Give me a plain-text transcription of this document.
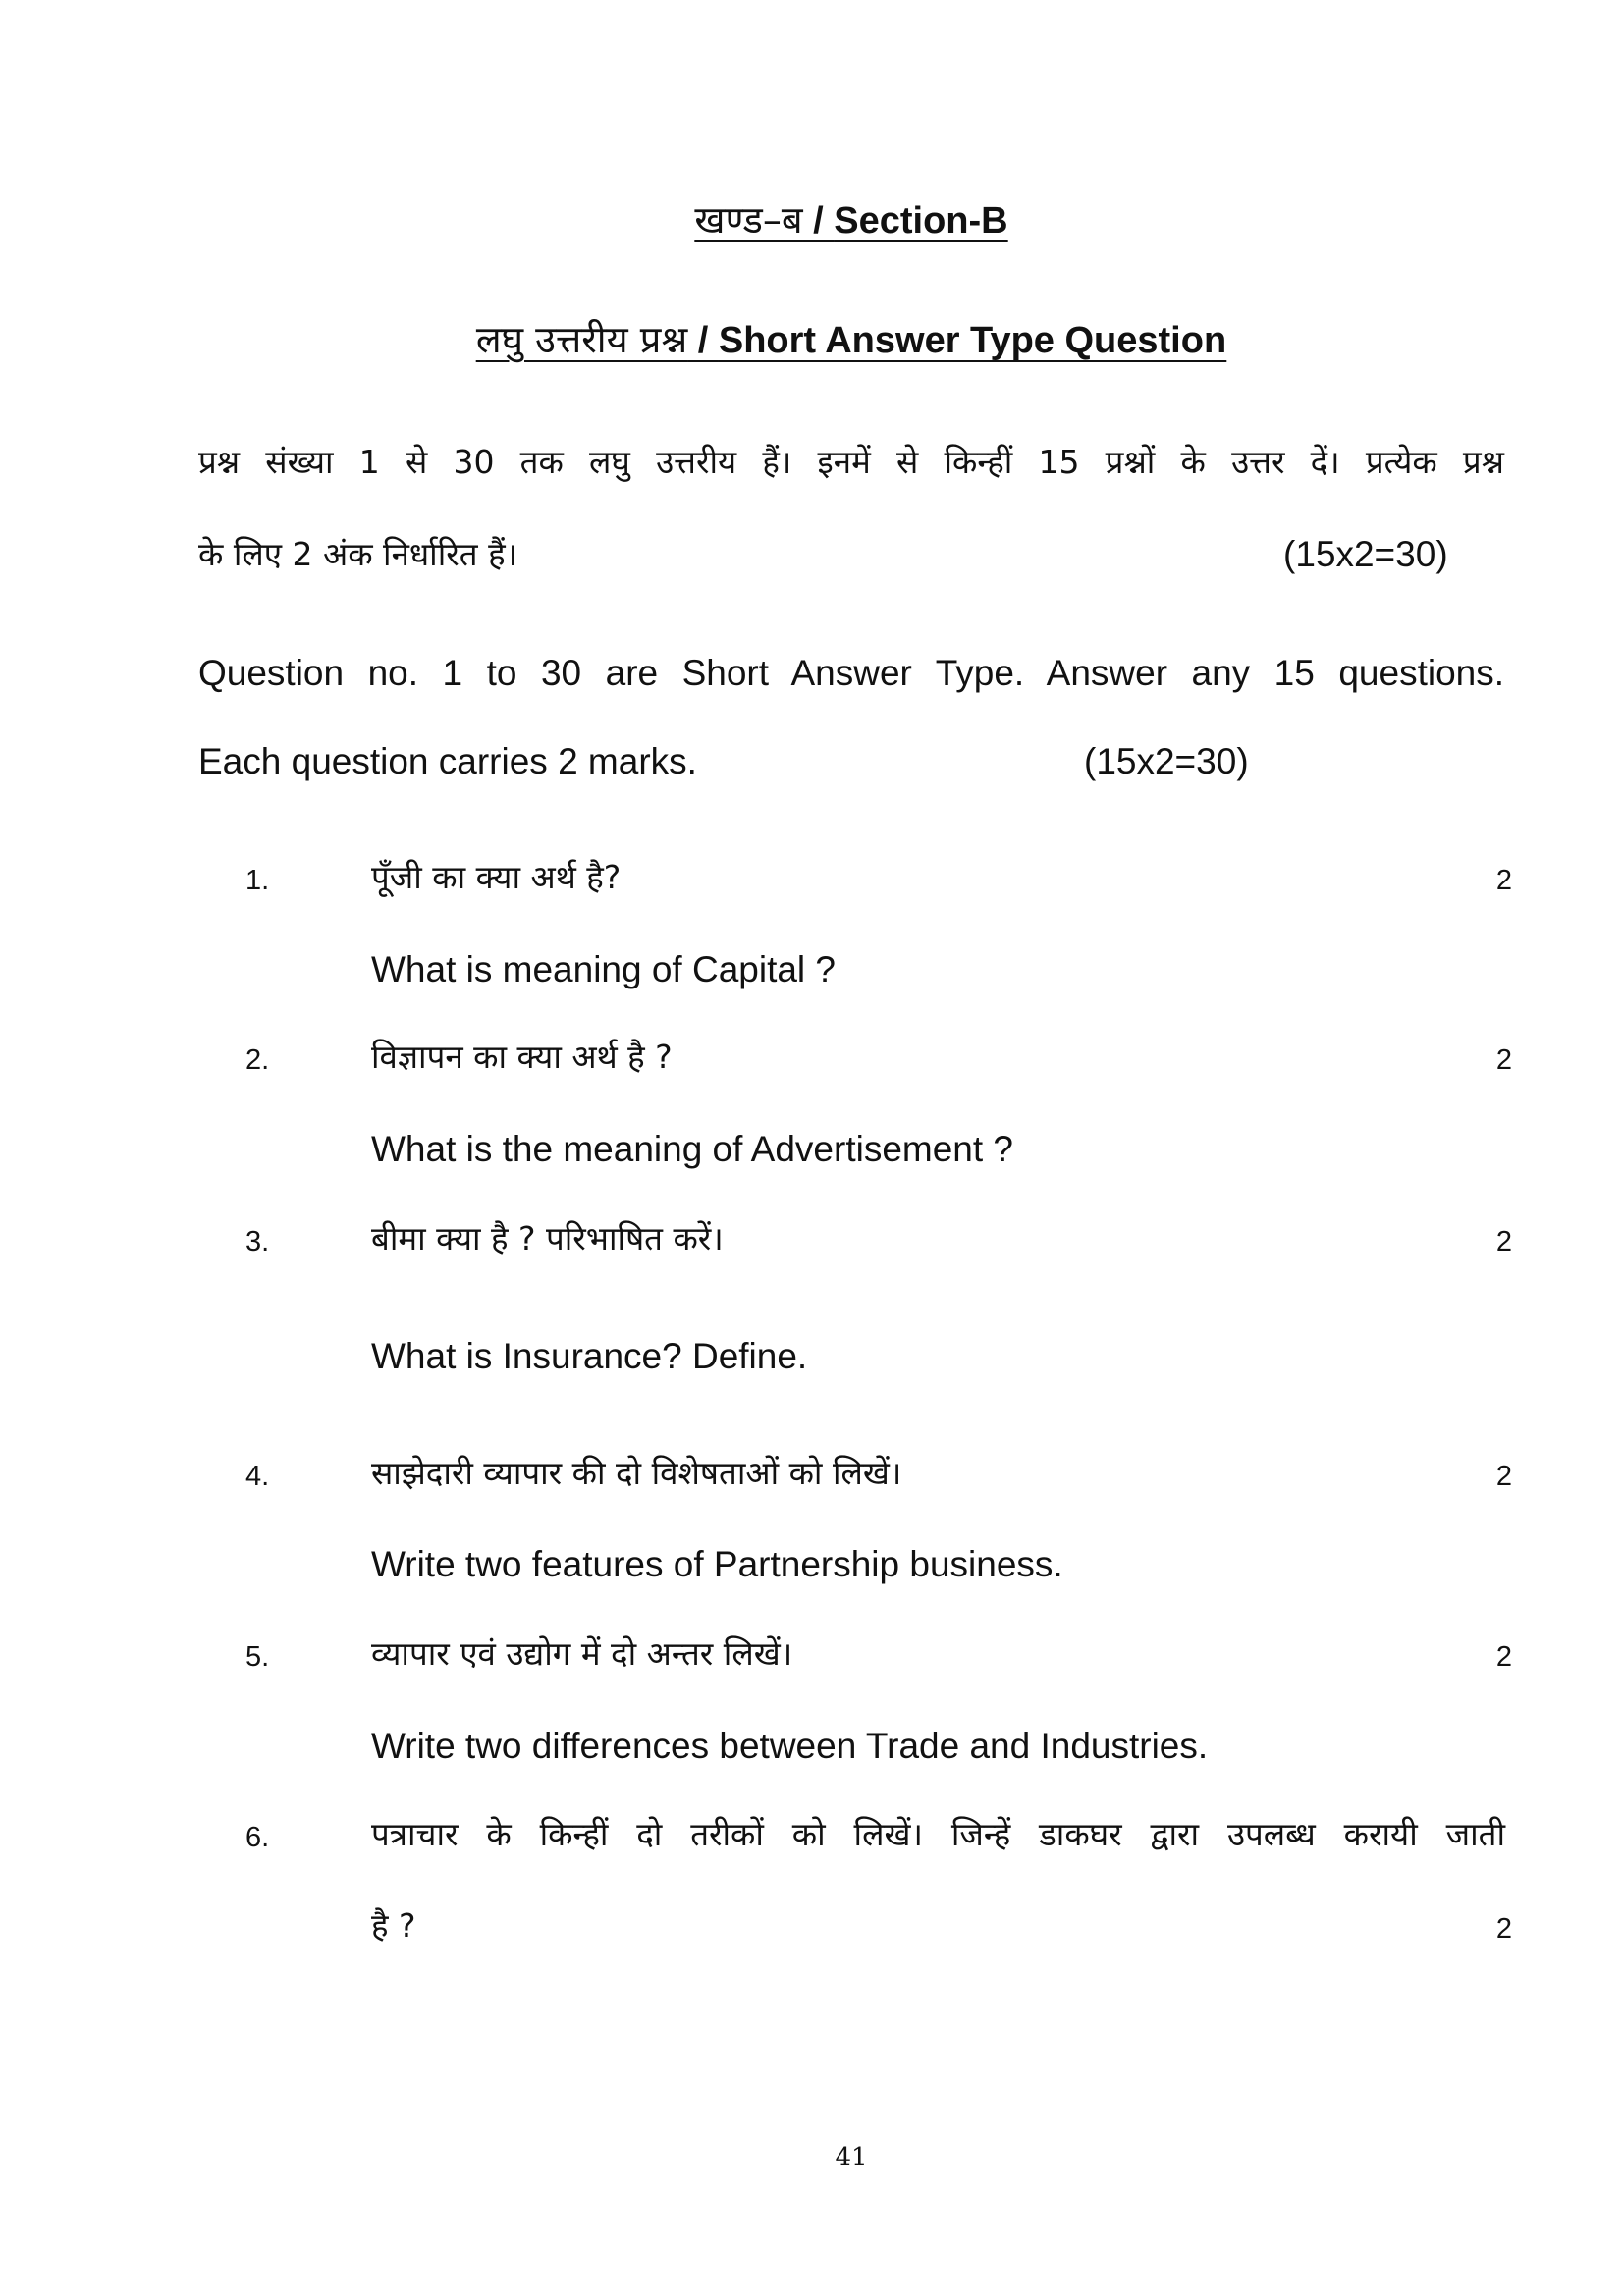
खण्ड–ब / Section-B
लघु उत्तरीय प्रश्न / Short Answer Type Question
प्रश्न संख्या 1 से 30 तक लघु उत्तरीय हैं। इनमें से किन्हीं 15 प्रश्नों के उत्तर दें। प्रत्येक प्रश्न
के लिए 2 अंक निर्धारित हैं।	(15x2=30)
Question no. 1 to 30 are Short Answer Type. Answer any 15 questions.
Each question carries 2 marks.	(15x2=30)
1.	पूँजी का क्या अर्थ है?	2
What is meaning of Capital ?
2.	विज्ञापन का क्या अर्थ है ?	2
What is the meaning of Advertisement ?
3.	बीमा क्या है ? परिभाषित करें।	2
What is Insurance? Define.
4.	साझेदारी व्यापार की दो विशेषताओं को लिखें।	2
Write two features of Partnership business.
5.	व्यापार एवं उद्योग में दो अन्तर लिखें।	2
Write two differences between Trade and Industries.
6.	पत्राचार के किन्हीं दो तरीकों को लिखें। जिन्हें डाकघर द्वारा उपलब्ध करायी जाती
है ?	2
41
